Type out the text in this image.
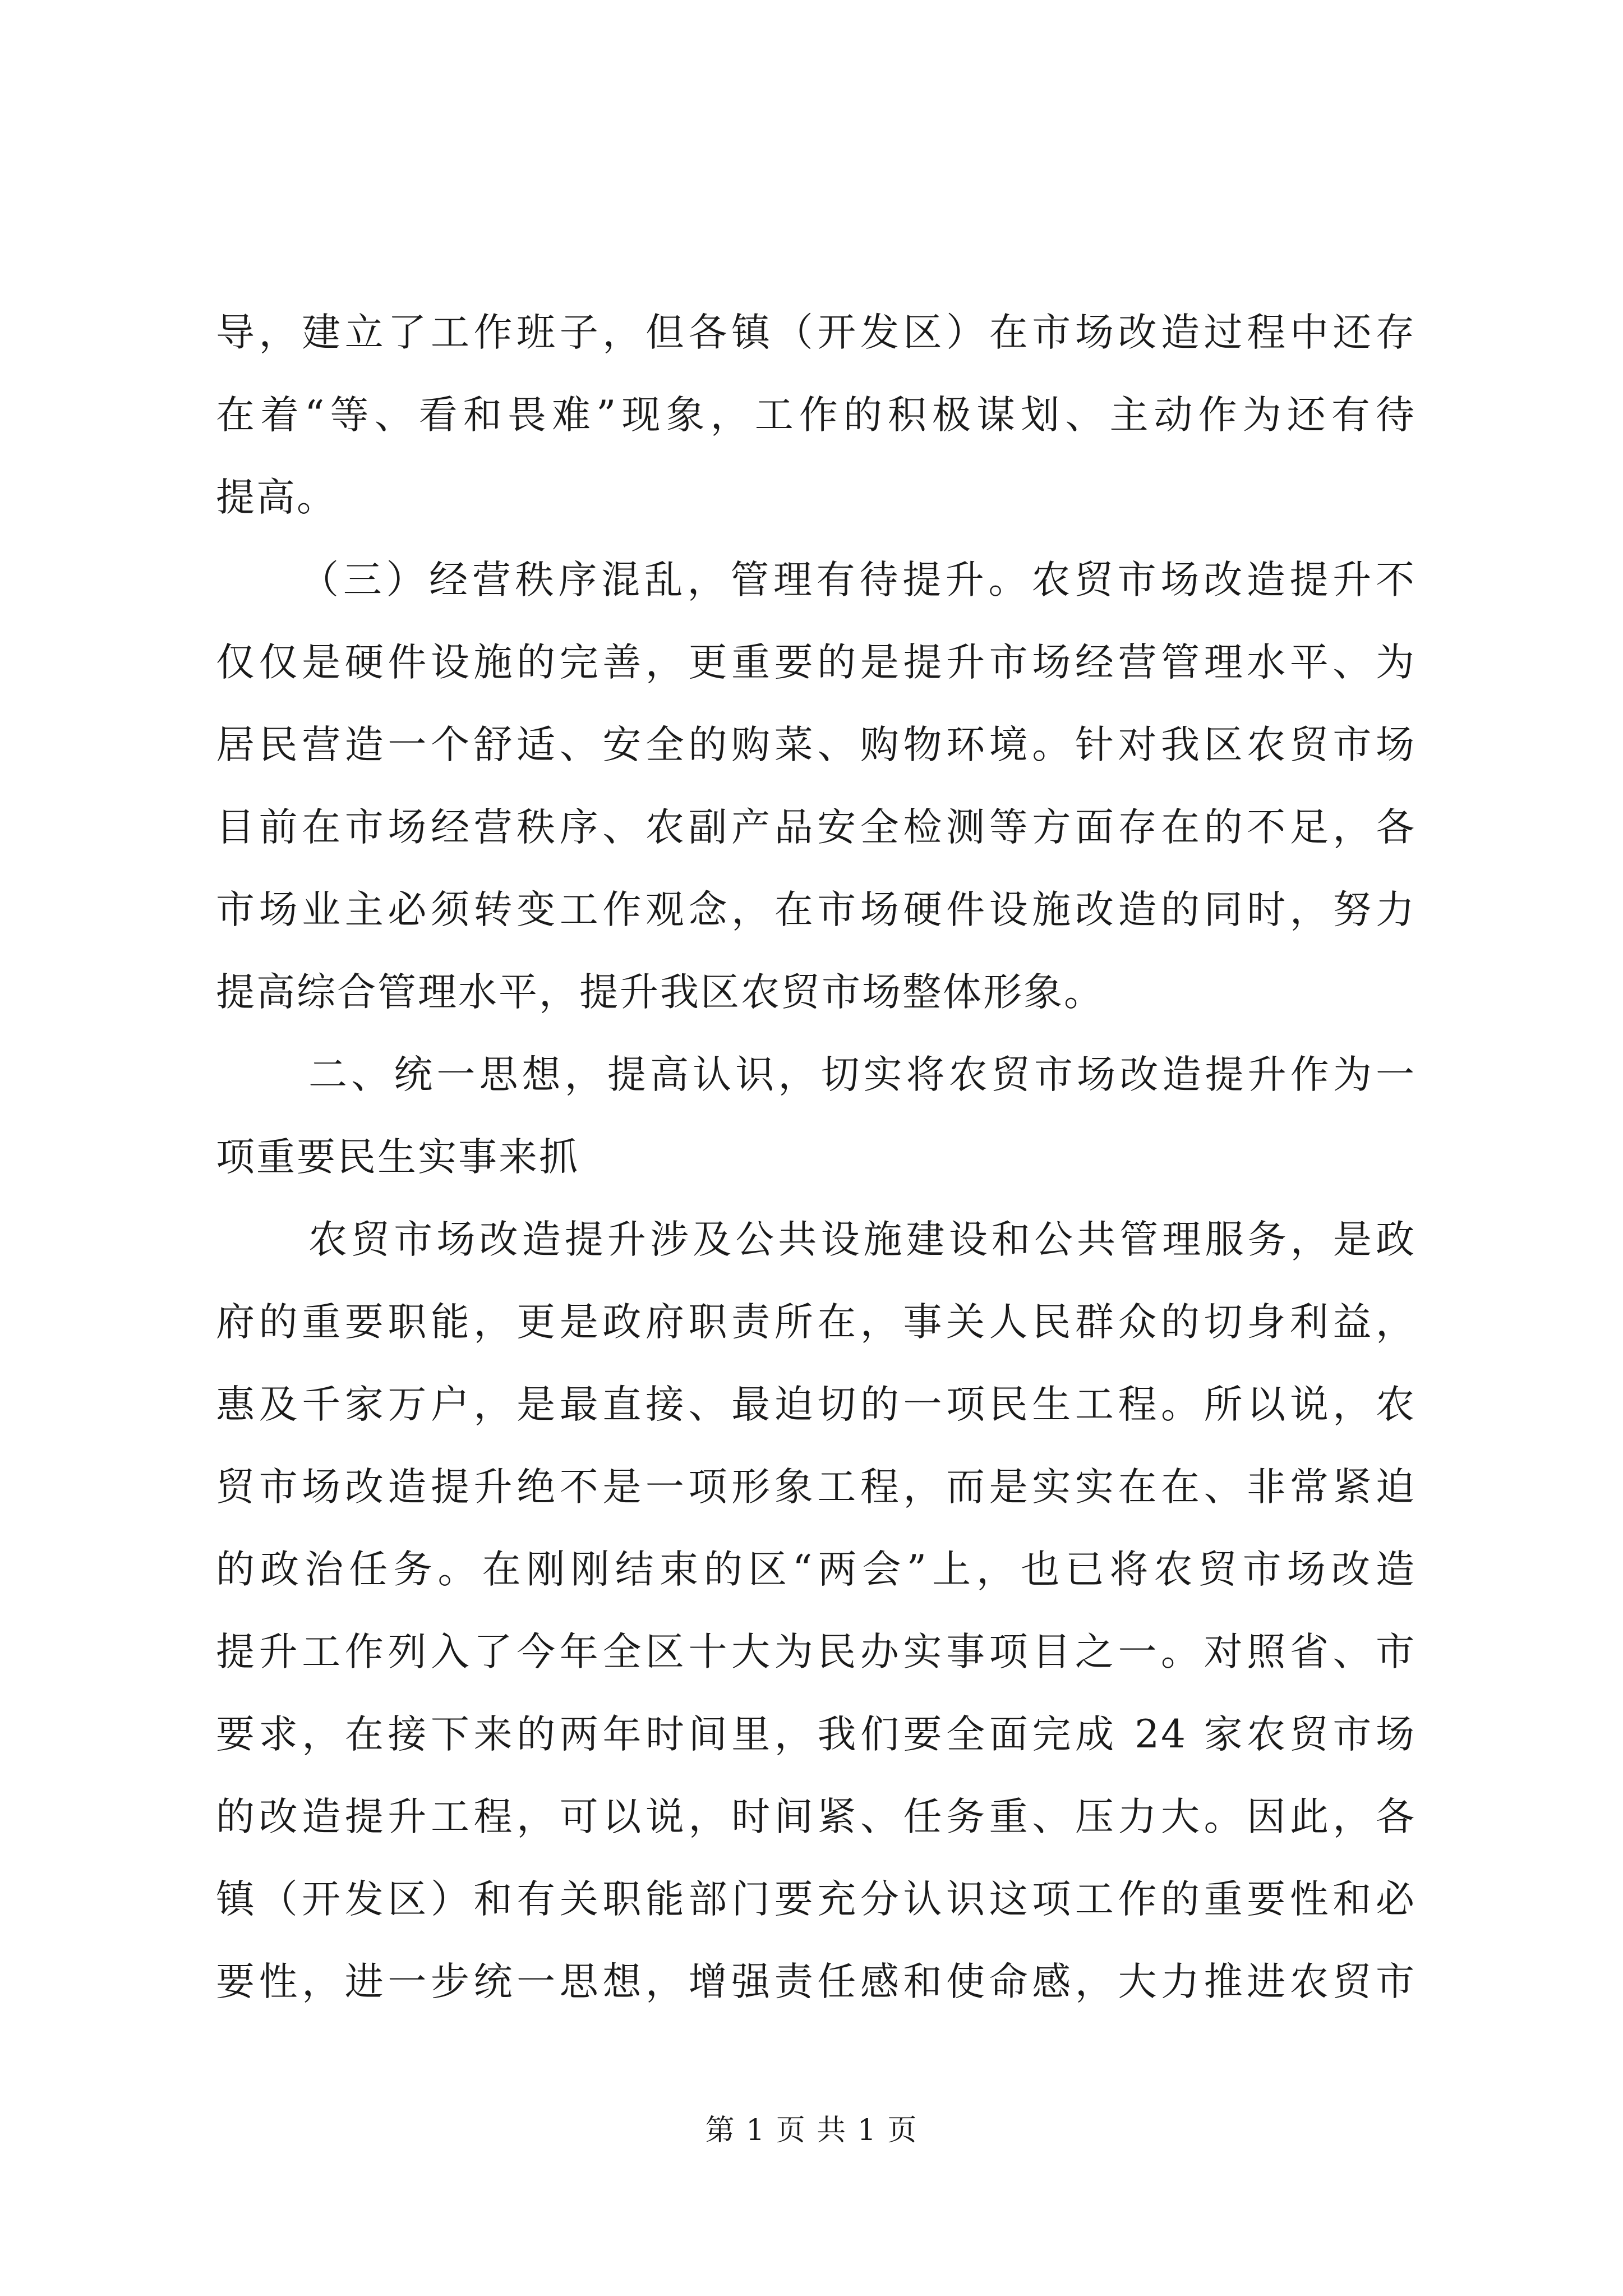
导，建立了工作班子，但各镇（开发区）在市场改造过程中还存
在着“等、看和畏难”现象，工作的积极谋划、主动作为还有待
提高。
（三）经营秩序混乱，管理有待提升。农贸市场改造提升不
仅仅是硬件设施的完善，更重要的是提升市场经营管理水平、为
居民营造一个舒适、安全的购菜、购物环境。针对我区农贸市场
目前在市场经营秩序、农副产品安全检测等方面存在的不足，各
市场业主必须转变工作观念，在市场硬件设施改造的同时，努力
提高综合管理水平，提升我区农贸市场整体形象。
二、统一思想，提高认识，切实将农贸市场改造提升作为一
项重要民生实事来抓
农贸市场改造提升涉及公共设施建设和公共管理服务，是政
府的重要职能，更是政府职责所在，事关人民群众的切身利益，
惠及千家万户，是最直接、最迫切的一项民生工程。所以说，农
贸市场改造提升绝不是一项形象工程，而是实实在在、非常紧迫
的政治任务。在刚刚结束的区“两会”上，也已将农贸市场改造
提升工作列入了今年全区十大为民办实事项目之一。对照省、市
要求，在接下来的两年时间里，我们要全面完成 24 家农贸市场
的改造提升工程，可以说，时间紧、任务重、压力大。因此，各
镇（开发区）和有关职能部门要充分认识这项工作的重要性和必
要性，进一步统一思想，增强责任感和使命感，大力推进农贸市
第 1 页 共 1 页
